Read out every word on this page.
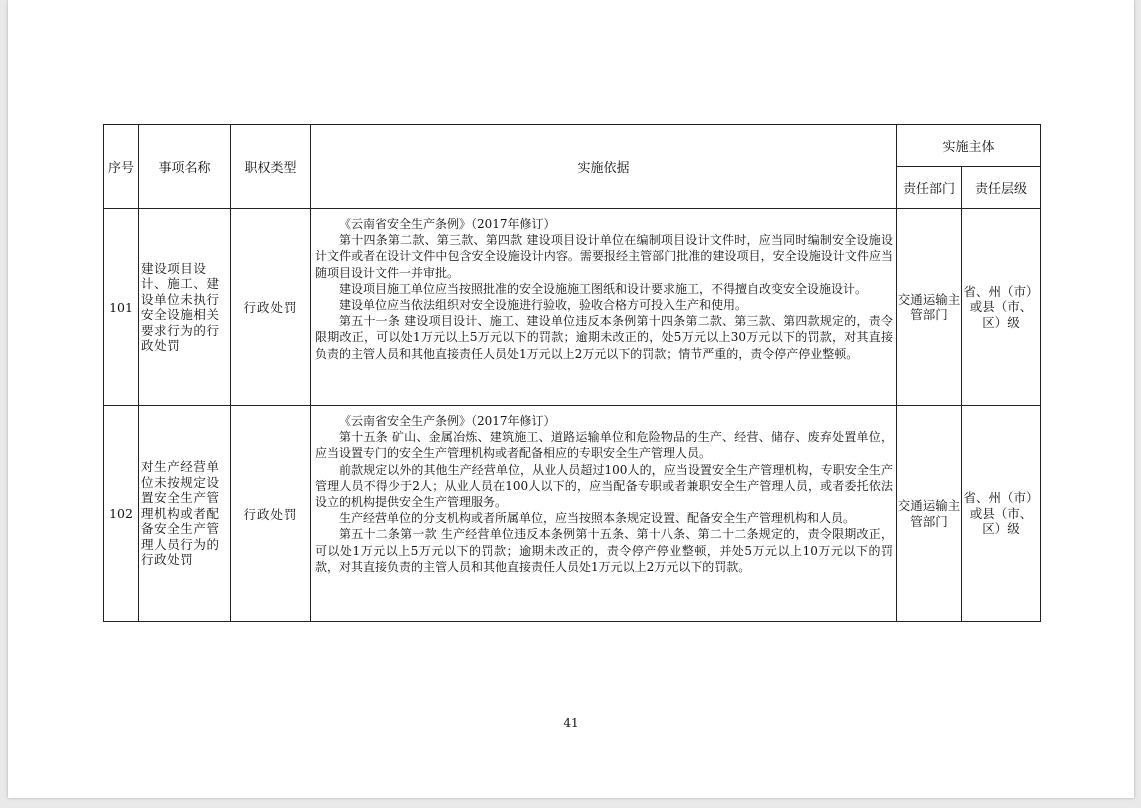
序号	事项名称	职权类型	实施依据	实施主体	
				责任部门	责任层级
101	建设项目设计、施工、建设单位未执行安全设施相关要求行为的行政处罚	行政处罚	《云南省安全生产条例》（2017年修订）

第十四条第二款、第三款、第四款 建设项目设计单位在编制项目设计文件时，应当同时编制安全设施设计文件或者在设计文件中包含安全设施设计内容。需要报经主管部门批准的建设项目，安全设施设计文件应当随项目设计文件一并审批。

建设项目施工单位应当按照批准的安全设施施工图纸和设计要求施工，不得擅自改变安全设施设计。

建设单位应当依法组织对安全设施进行验收，验收合格方可投入生产和使用。

第五十一条 建设项目设计、施工、建设单位违反本条例第十四条第二款、第三款、第四款规定的，责令限期改正，可以处1万元以上5万元以下的罚款；逾期未改正的，处5万元以上30万元以下的罚款，对其直接负责的主管人员和其他直接责任人员处1万元以上2万元以下的罚款；情节严重的，责令停产停业整顿。	交通运输主管部门	省、州（市）或县（市、区）级
102	对生产经营单位未按规定设置安全生产管理机构或者配备安全生产管理人员行为的行政处罚	行政处罚	《云南省安全生产条例》（2017年修订）

第十五条 矿山、金属冶炼、建筑施工、道路运输单位和危险物品的生产、经营、储存、废弃处置单位，应当设置专门的安全生产管理机构或者配备相应的专职安全生产管理人员。

前款规定以外的其他生产经营单位，从业人员超过100人的，应当设置安全生产管理机构，专职安全生产管理人员不得少于2人；从业人员在100人以下的，应当配备专职或者兼职安全生产管理人员，或者委托依法设立的机构提供安全生产管理服务。

生产经营单位的分支机构或者所属单位，应当按照本条规定设置、配备安全生产管理机构和人员。

第五十二条第一款 生产经营单位违反本条例第十五条、第十八条、第二十二条规定的，责令限期改正，可以处1万元以上5万元以下的罚款；逾期未改正的，责令停产停业整顿，并处5万元以上10万元以下的罚款，对其直接负责的主管人员和其他直接责任人员处1万元以上2万元以下的罚款。	交通运输主管部门	省、州（市）或县（市、区）级
41
